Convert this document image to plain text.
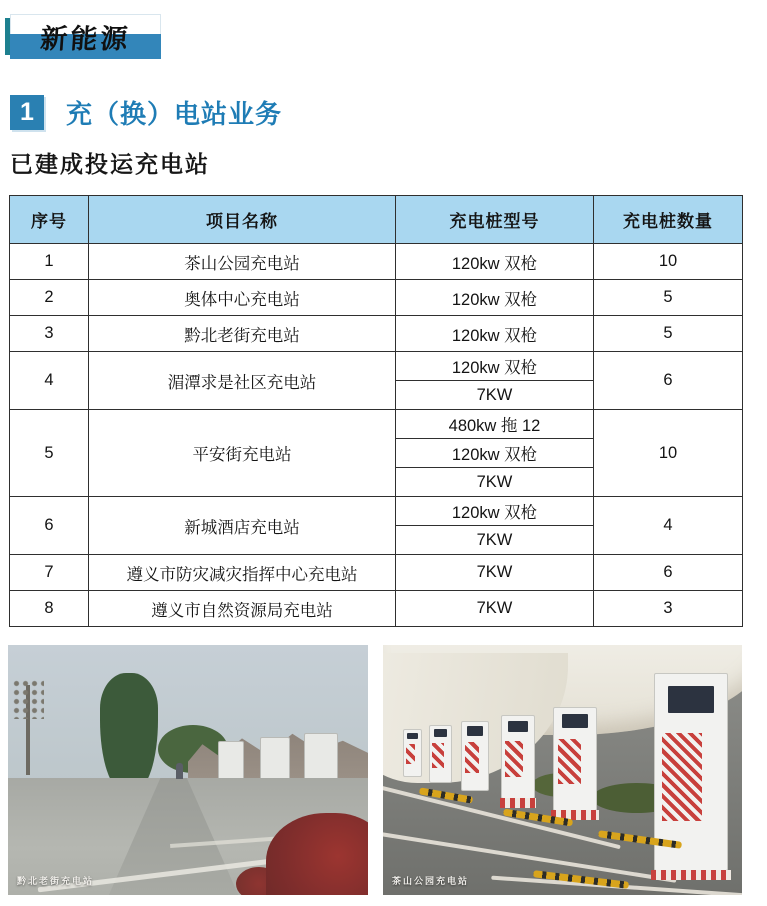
新能源
1	充（换）电站业务
已建成投运充电站
序号	项目名称	充电桩型号	充电桩数量
1	茶山公园充电站	120kw 双枪	10
2	奥体中心充电站	120kw 双枪	5
3	黔北老街充电站	120kw 双枪	5
4	湄潭求是社区充电站	120kw 双枪	6
		7KW	
5	平安街充电站	480kw 拖 12	10
		120kw 双枪	
		7KW	
6	新城酒店充电站	120kw 双枪	4
		7KW	
7	遵义市防灾减灾指挥中心充电站	7KW	6
8	遵义市自然资源局充电站	7KW	3
黔北老街充电站	茶山公园充电站
